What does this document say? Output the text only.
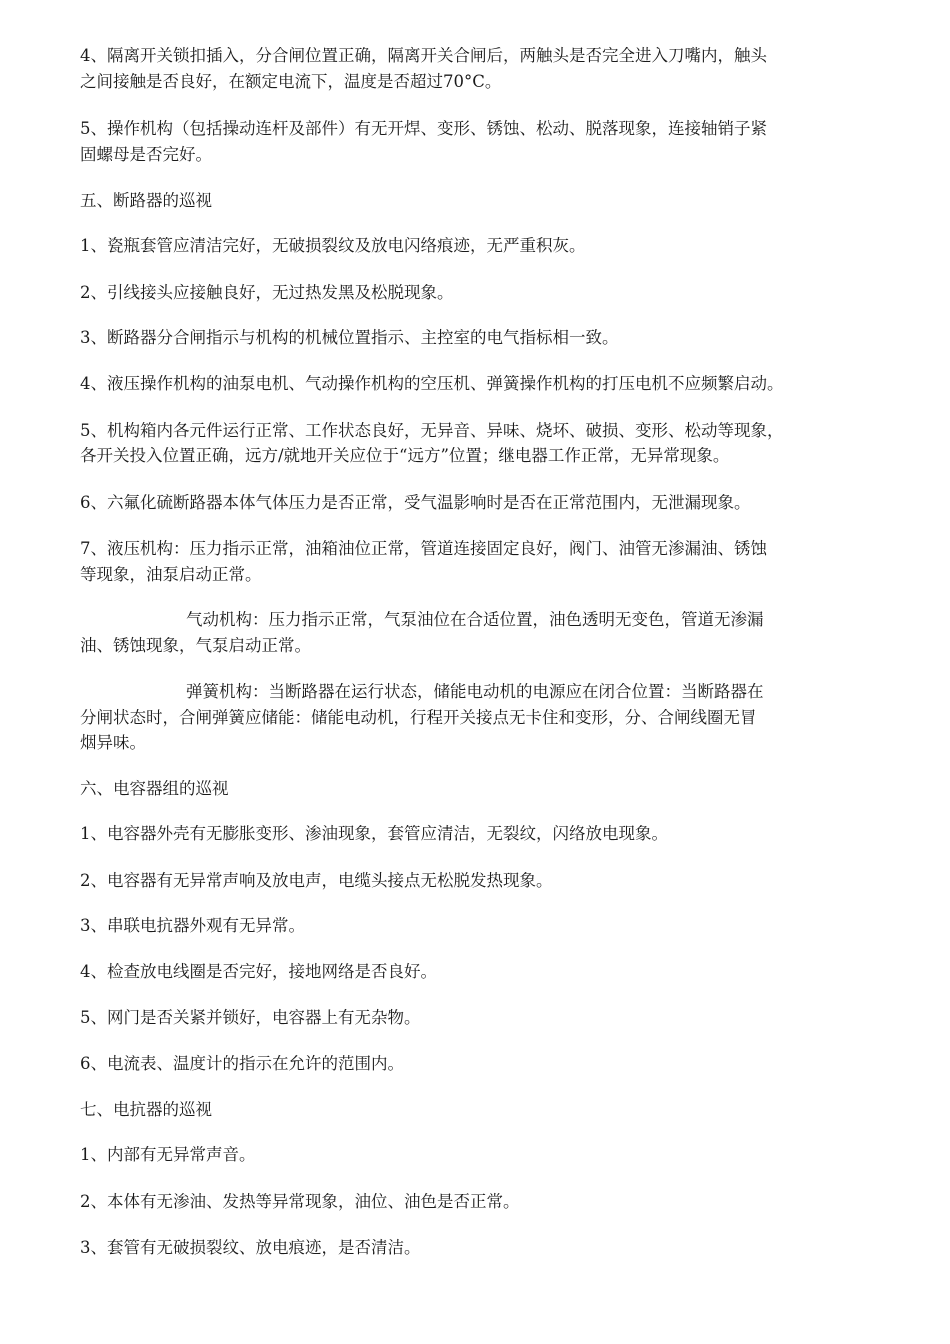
4、隔离开关锁扣插入，分合闸位置正确，隔离开关合闸后，两触头是否完全进入刀嘴内，触头

之间接触是否良好，在额定电流下，温度是否超过70°C。

5、操作机构（包括操动连杆及部件）有无开焊、变形、锈蚀、松动、脱落现象，连接轴销子紧

固螺母是否完好。

五、断路器的巡视

1、瓷瓶套管应清洁完好，无破损裂纹及放电闪络痕迹，无严重积灰。

2、引线接头应接触良好，无过热发黑及松脱现象。

3、断路器分合闸指示与机构的机械位置指示、主控室的电气指标相一致。

4、液压操作机构的油泵电机、气动操作机构的空压机、弹簧操作机构的打压电机不应频繁启动。

5、机构箱内各元件运行正常、工作状态良好，无异音、异味、烧坏、破损、变形、松动等现象，

各开关投入位置正确，远方/就地开关应位于“远方”位置；继电器工作正常，无异常现象。

6、六氟化硫断路器本体气体压力是否正常，受气温影响时是否在正常范围内，无泄漏现象。

7、液压机构：压力指示正常，油箱油位正常，管道连接固定良好，阀门、油管无渗漏油、锈蚀

等现象，油泵启动正常。

气动机构：压力指示正常，气泵油位在合适位置，油色透明无变色，管道无渗漏

油、锈蚀现象，气泵启动正常。

弹簧机构：当断路器在运行状态，储能电动机的电源应在闭合位置：当断路器在

分闸状态时，合闸弹簧应储能：储能电动机，行程开关接点无卡住和变形，分、合闸线圈无冒

烟异味。

六、电容器组的巡视

1、电容器外壳有无膨胀变形、渗油现象，套管应清洁，无裂纹，闪络放电现象。

2、电容器有无异常声响及放电声，电缆头接点无松脱发热现象。

3、串联电抗器外观有无异常。

4、检查放电线圈是否完好，接地网络是否良好。

5、网门是否关紧并锁好，电容器上有无杂物。

6、电流表、温度计的指示在允许的范围内。

七、电抗器的巡视

1、内部有无异常声音。

2、本体有无渗油、发热等异常现象，油位、油色是否正常。

3、套管有无破损裂纹、放电痕迹，是否清洁。
